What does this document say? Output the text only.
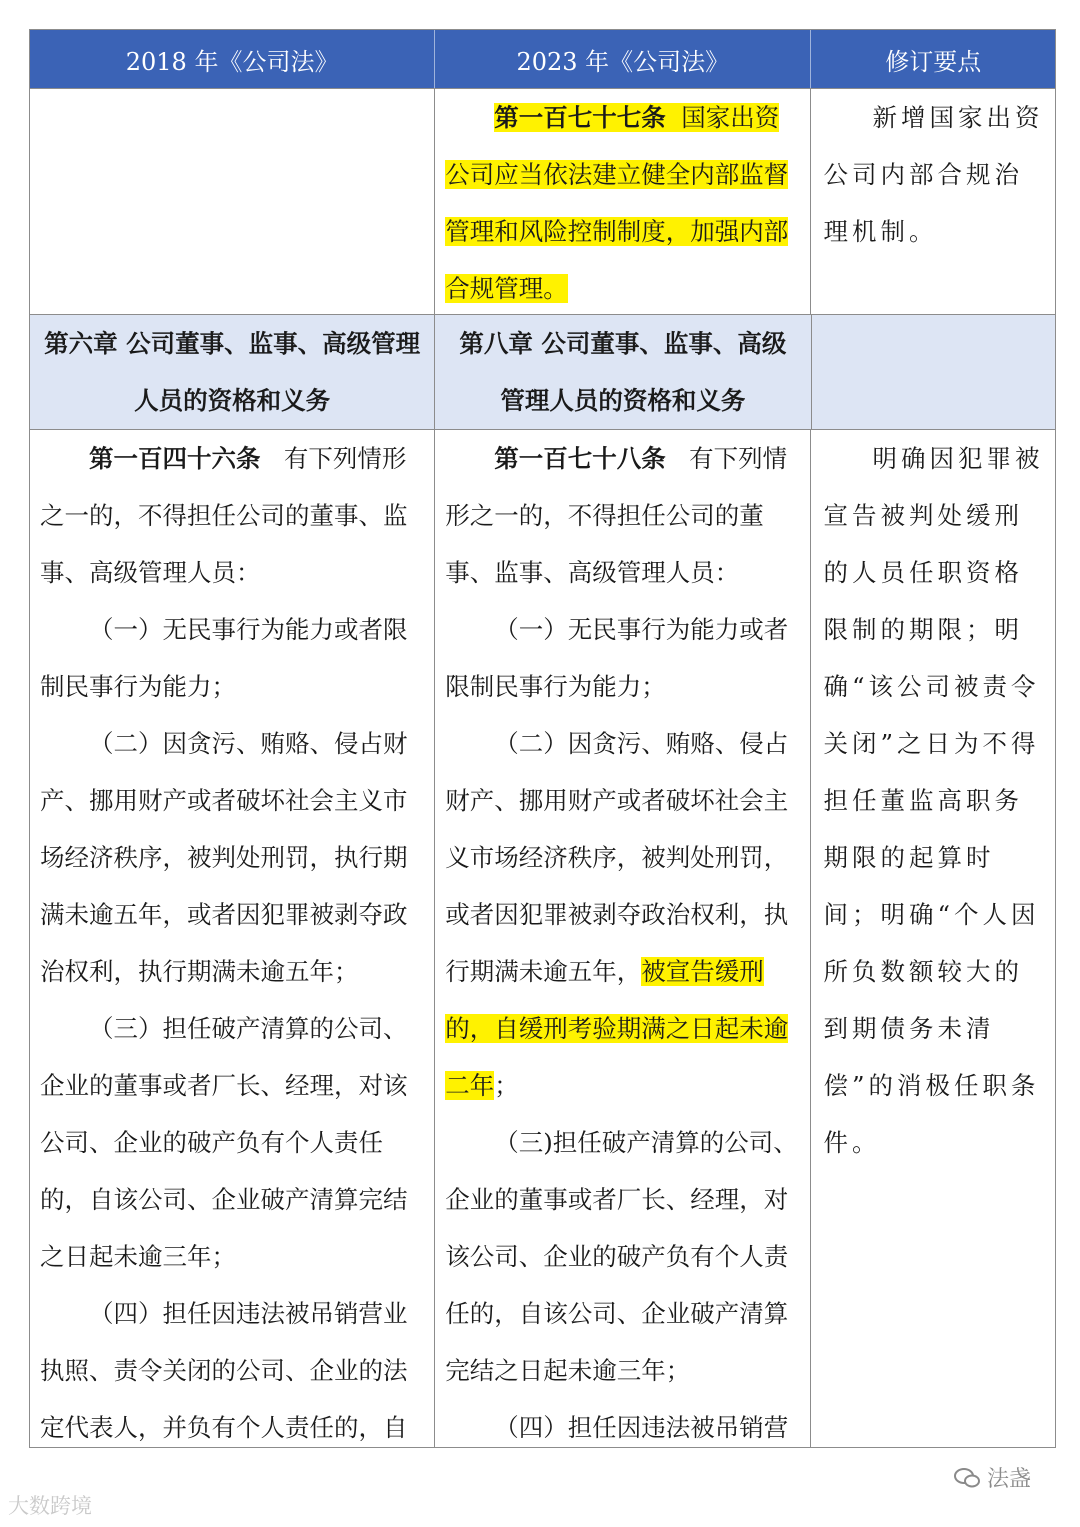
2018 年《公司法》	2023 年《公司法》	修订要点

第一百七十七条 国家出资公司应当依法建立健全内部监督管理和风险控制制度，加强内部合规管理。

新增国家出资公司内部合规治理机制。

第六章 公司董事、监事、高级管理

人员的资格和义务

第八章 公司董事、监事、高级

管理人员的资格和义务

第一百四十六条 有下列情形之一的，不得担任公司的董事、监事、高级管理人员：

（一）无民事行为能力或者限制民事行为能力；

（二）因贪污、贿赂、侵占财产、挪用财产或者破坏社会主义市场经济秩序，被判处刑罚，执行期满未逾五年，或者因犯罪被剥夺政治权利，执行期满未逾五年；

（三）担任破产清算的公司、企业的董事或者厂长、经理，对该公司、企业的破产负有个人责任的，自该公司、企业破产清算完结之日起未逾三年；

（四）担任因违法被吊销营业执照、责令关闭的公司、企业的法定代表人，并负有个人责任的，自

第一百七十八条 有下列情形之一的，不得担任公司的董事、监事、高级管理人员：

（一）无民事行为能力或者限制民事行为能力；

（二）因贪污、贿赂、侵占财产、挪用财产或者破坏社会主义市场经济秩序，被判处刑罚，或者因犯罪被剥夺政治权利，执行期满未逾五年，被宣告缓刑的，自缓刑考验期满之日起未逾二年；

（三)担任破产清算的公司、企业的董事或者厂长、经理，对该公司、企业的破产负有个人责任的，自该公司、企业破产清算完结之日起未逾三年；

（四）担任因违法被吊销营

明确因犯罪被宣告被判处缓刑的人员任职资格限制的期限；明确“该公司被责令关闭”之日为不得担任董监高职务期限的起算时间；明确“个人因所负数额较大的到期债务未清偿”的消极任职条件。

大数跨境
法盏
